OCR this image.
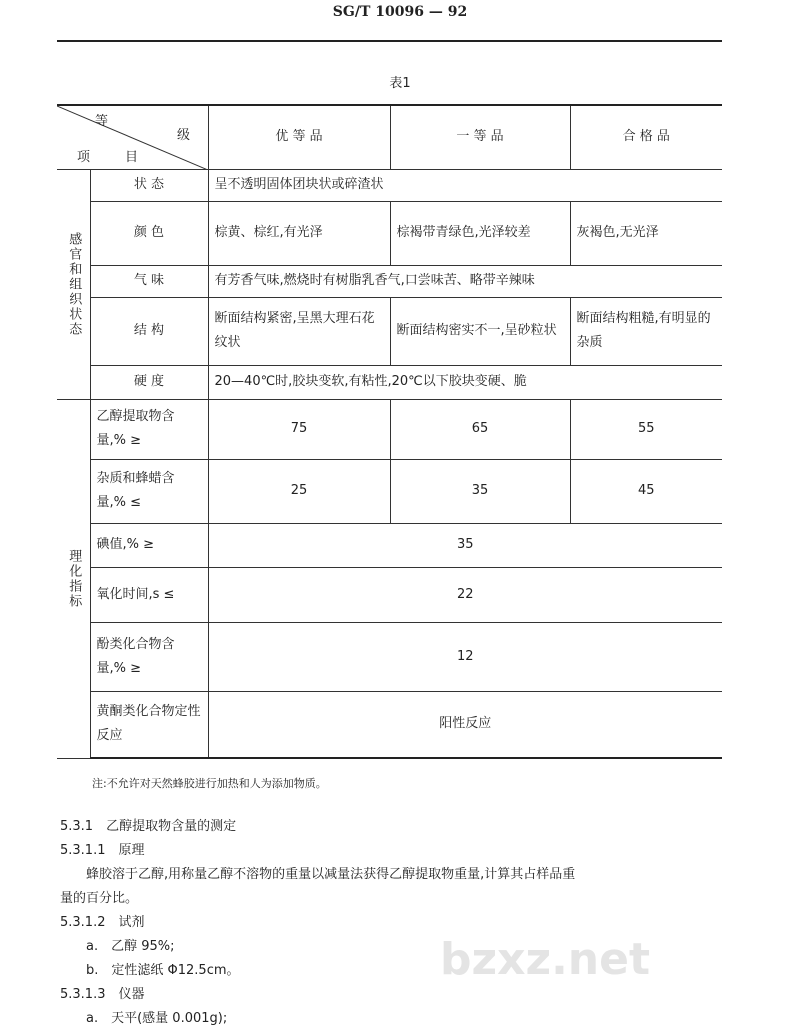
SG/T 10096 — 92
表1
等
级
项 目		优 等 品	一 等 品	合 格 品
感官和组织状态	状 态	呈不透明固体团块状或碎渣状		
	颜 色	棕黄、棕红,有光泽	棕褐带青绿色,光泽较差	灰褐色,无光泽
	气 味	有芳香气味,燃烧时有树脂乳香气,口尝味苦、略带辛辣味		
	结 构	断面结构紧密,呈黑大理石花纹状	断面结构密实不一,呈砂粒状	断面结构粗糙,有明显的杂质
	硬 度	20—40℃时,胶块变软,有粘性,20℃以下胶块变硬、脆		
理化指标	乙醇提取物含量,% ≥	75	65	55
	杂质和蜂蜡含量,% ≤	25	35	45
	碘值,% ≥	35		
	氧化时间,s ≤	22		
	酚类化合物含量,% ≥	12		
	黄酮类化合物定性反应	阳性反应		
注:不允许对天然蜂胶进行加热和人为添加物质。
5.3.1　乙醇提取物含量的测定
5.3.1.1　原理
　　蜂胶溶于乙醇,用称量乙醇不溶物的重量以减量法获得乙醇提取物重量,计算其占样品重
量的百分比。
5.3.1.2　试剂
　　a.　乙醇 95%;
　　b.　定性滤纸 Φ12.5cm。
5.3.1.3　仪器
　　a.　天平(感量 0.001g);
bzxz.net
